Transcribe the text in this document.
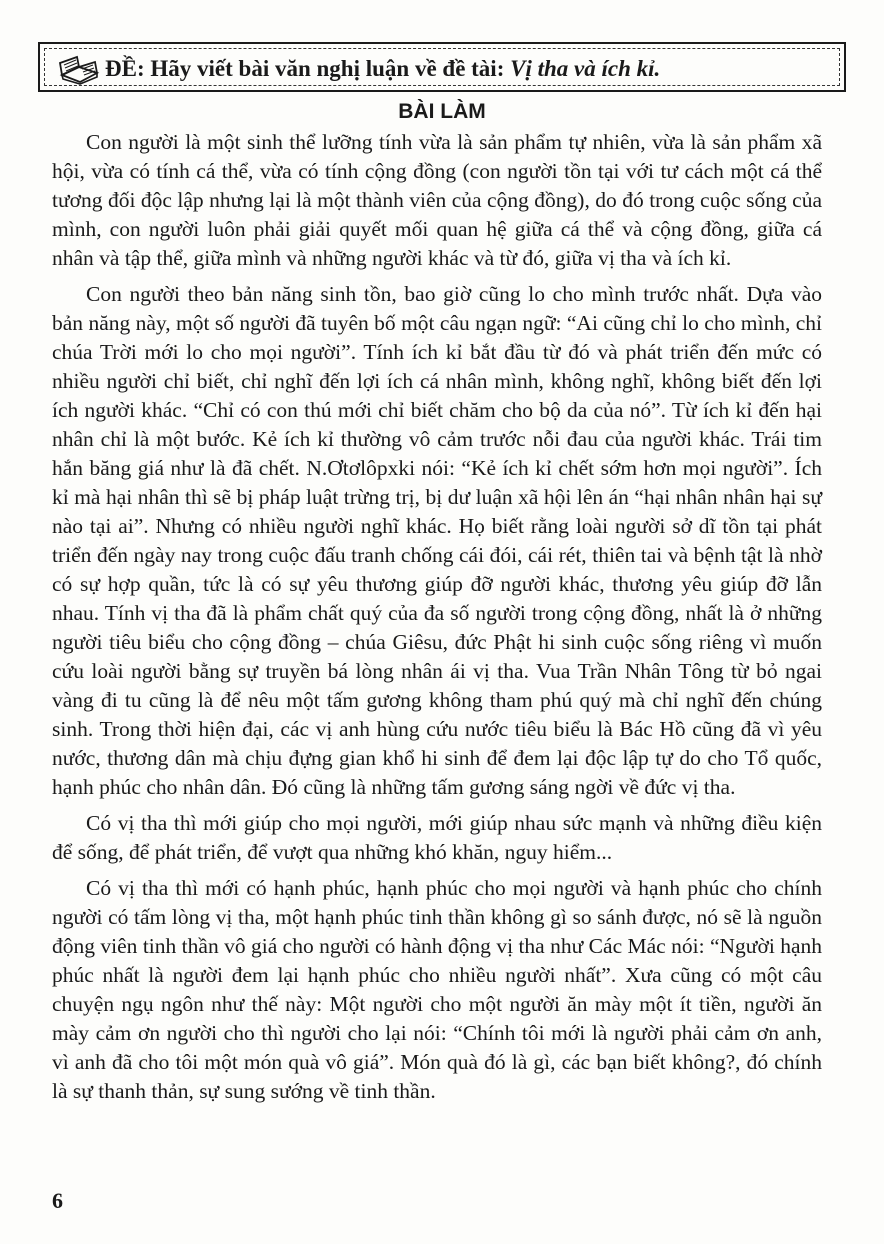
ĐỀ: Hãy viết bài văn nghị luận về đề tài: Vị tha và ích kỉ.
BÀI LÀM

Con người là một sinh thể lưỡng tính vừa là sản phẩm tự nhiên, vừa là sản phẩm xã hội, vừa có tính cá thể, vừa có tính cộng đồng (con người tồn tại với tư cách một cá thể tương đối độc lập nhưng lại là một thành viên của cộng đồng), do đó trong cuộc sống của mình, con người luôn phải giải quyết mối quan hệ giữa cá thể và cộng đồng, giữa cá nhân và tập thể, giữa mình và những người khác và từ đó, giữa vị tha và ích kỉ.

Con người theo bản năng sinh tồn, bao giờ cũng lo cho mình trước nhất. Dựa vào bản năng này, một số người đã tuyên bố một câu ngạn ngữ: “Ai cũng chỉ lo cho mình, chỉ chúa Trời mới lo cho mọi người”. Tính ích kỉ bắt đầu từ đó và phát triển đến mức có nhiều người chỉ biết, chỉ nghĩ đến lợi ích cá nhân mình, không nghĩ, không biết đến lợi ích người khác. “Chỉ có con thú mới chỉ biết chăm cho bộ da của nó”. Từ ích kỉ đến hại nhân chỉ là một bước. Kẻ ích kỉ thường vô cảm trước nỗi đau của người khác. Trái tim hắn băng giá như là đã chết. N.Ơtơlôpxki nói: “Kẻ ích kỉ chết sớm hơn mọi người”. Ích kỉ mà hại nhân thì sẽ bị pháp luật trừng trị, bị dư luận xã hội lên án “hại nhân nhân hại sự nào tại ai”. Nhưng có nhiều người nghĩ khác. Họ biết rằng loài người sở dĩ tồn tại phát triển đến ngày nay trong cuộc đấu tranh chống cái đói, cái rét, thiên tai và bệnh tật là nhờ có sự hợp quần, tức là có sự yêu thương giúp đỡ người khác, thương yêu giúp đỡ lẫn nhau. Tính vị tha đã là phẩm chất quý của đa số người trong cộng đồng, nhất là ở những người tiêu biểu cho cộng đồng – chúa Giêsu, đức Phật hi sinh cuộc sống riêng vì muốn cứu loài người bằng sự truyền bá lòng nhân ái vị tha. Vua Trần Nhân Tông từ bỏ ngai vàng đi tu cũng là để nêu một tấm gương không tham phú quý mà chỉ nghĩ đến chúng sinh. Trong thời hiện đại, các vị anh hùng cứu nước tiêu biểu là Bác Hồ cũng đã vì yêu nước, thương dân mà chịu đựng gian khổ hi sinh để đem lại độc lập tự do cho Tổ quốc, hạnh phúc cho nhân dân. Đó cũng là những tấm gương sáng ngời về đức vị tha.

Có vị tha thì mới giúp cho mọi người, mới giúp nhau sức mạnh và những điều kiện để sống, để phát triển, để vượt qua những khó khăn, nguy hiểm...

Có vị tha thì mới có hạnh phúc, hạnh phúc cho mọi người và hạnh phúc cho chính người có tấm lòng vị tha, một hạnh phúc tinh thần không gì so sánh được, nó sẽ là nguồn động viên tinh thần vô giá cho người có hành động vị tha như Các Mác nói: “Người hạnh phúc nhất là người đem lại hạnh phúc cho nhiều người nhất”. Xưa cũng có một câu chuyện ngụ ngôn như thế này: Một người cho một người ăn mày một ít tiền, người ăn mày cảm ơn người cho thì người cho lại nói: “Chính tôi mới là người phải cảm ơn anh, vì anh đã cho tôi một món quà vô giá”. Món quà đó là gì, các bạn biết không?, đó chính là sự thanh thản, sự sung sướng về tinh thần.

6
